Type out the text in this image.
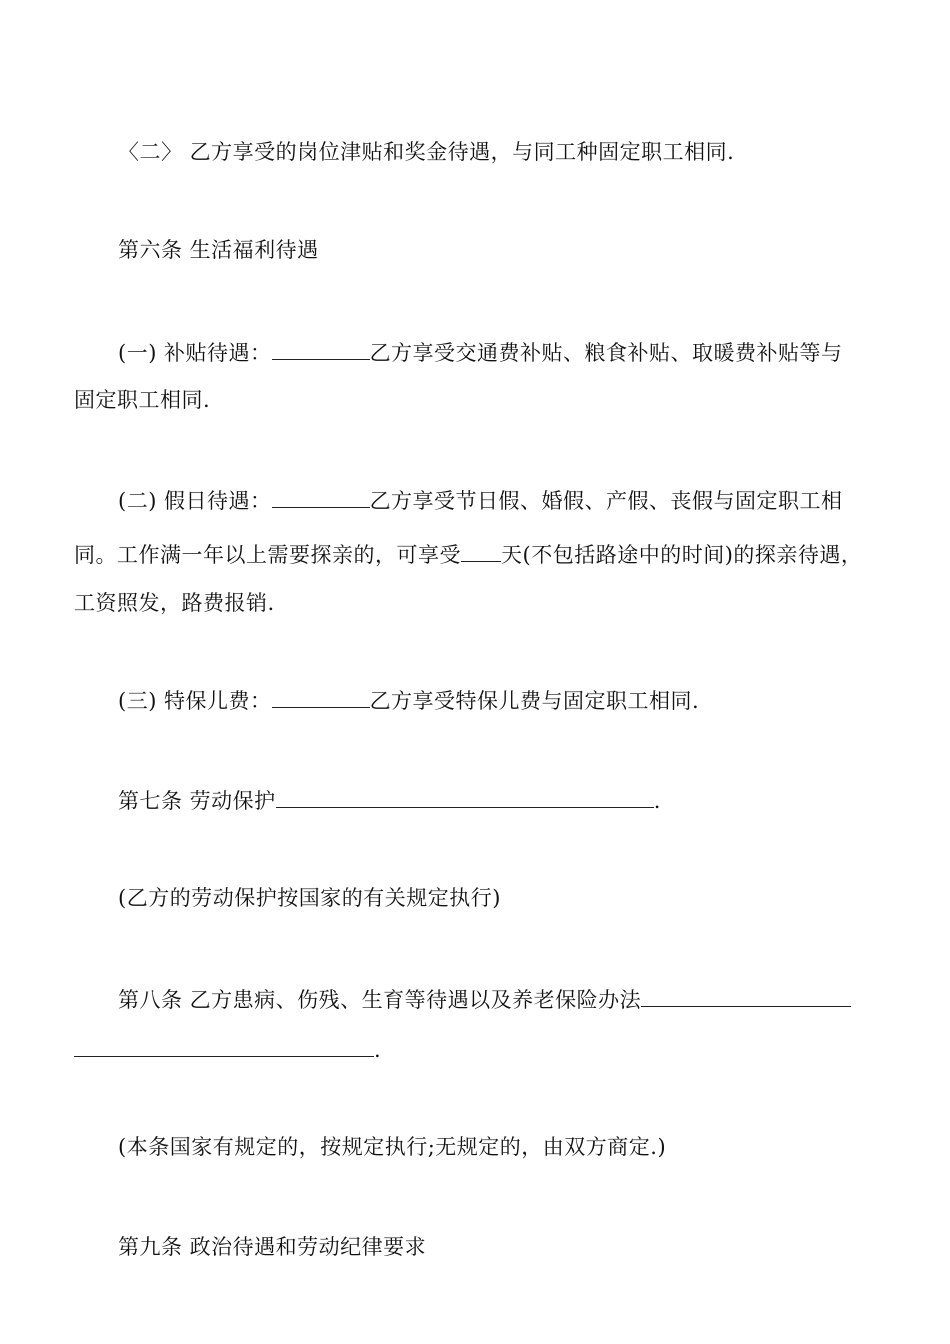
〈二〉 乙方享受的岗位津贴和奖金待遇，与同工种固定职工相同.
第六条 生活福利待遇
(一) 补贴待遇：	乙方享受交通费补贴、粮食补贴、取暖费补贴等与
固定职工相同.
(二) 假日待遇：	乙方享受节日假、婚假、产假、丧假与固定职工相
同。工作满一年以上需要探亲的，可享受 天(不包括路途中的时间)的探亲待遇，
工资照发，路费报销.
(三) 特保儿费：	乙方享受特保儿费与固定职工相同.
第七条 劳动保护	.
(乙方的劳动保护按国家的有关规定执行)
第八条 乙方患病、伤残、生育等待遇以及养老保险办法
.
(本条国家有规定的，按规定执行;无规定的，由双方商定.)
第九条 政治待遇和劳动纪律要求
